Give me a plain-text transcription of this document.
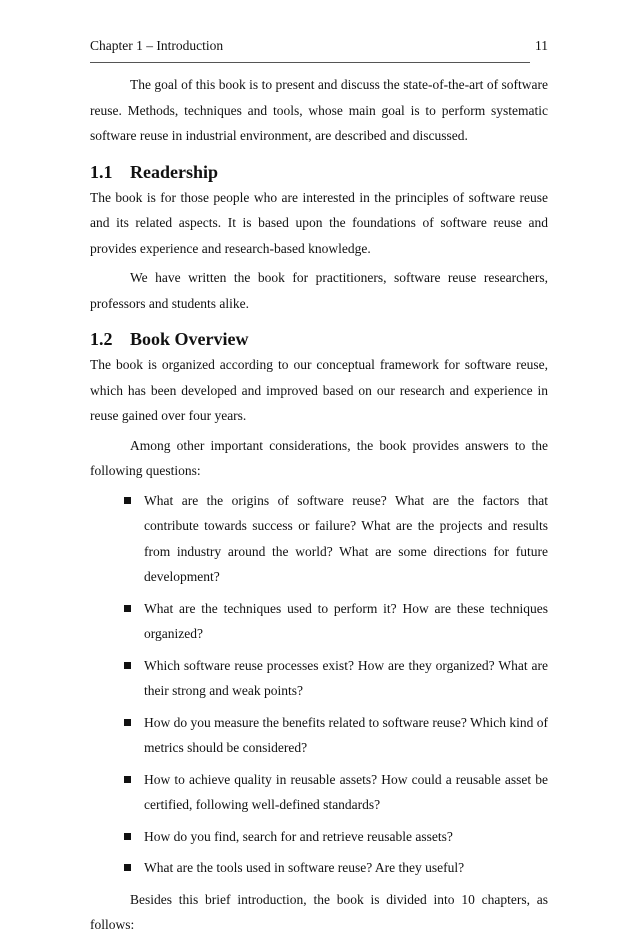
Chapter 1 – Introduction	11

The goal of this book is to present and discuss the state-of-the-art of software reuse. Methods, techniques and tools, whose main goal is to perform systematic software reuse in industrial environment, are described and discussed.

1.1 Readership

The book is for those people who are interested in the principles of software reuse and its related aspects. It is based upon the foundations of software reuse and provides experience and research-based knowledge.

We have written the book for practitioners, software reuse researchers, professors and students alike.

1.2 Book Overview

The book is organized according to our conceptual framework for software reuse, which has been developed and improved based on our research and experience in reuse gained over four years.

Among other important considerations, the book provides answers to the following questions:

What are the origins of software reuse? What are the factors that contribute towards success or failure? What are the projects and results from industry around the world? What are some directions for future development?
What are the techniques used to perform it? How are these techniques organized?
Which software reuse processes exist? How are they organized? What are their strong and weak points?
How do you measure the benefits related to software reuse? Which kind of metrics should be considered?
How to achieve quality in reusable assets? How could a reusable asset be certified, following well-defined standards?
How do you find, search for and retrieve reusable assets?
What are the tools used in software reuse? Are they useful?

Besides this brief introduction, the book is divided into 10 chapters, as follows:
